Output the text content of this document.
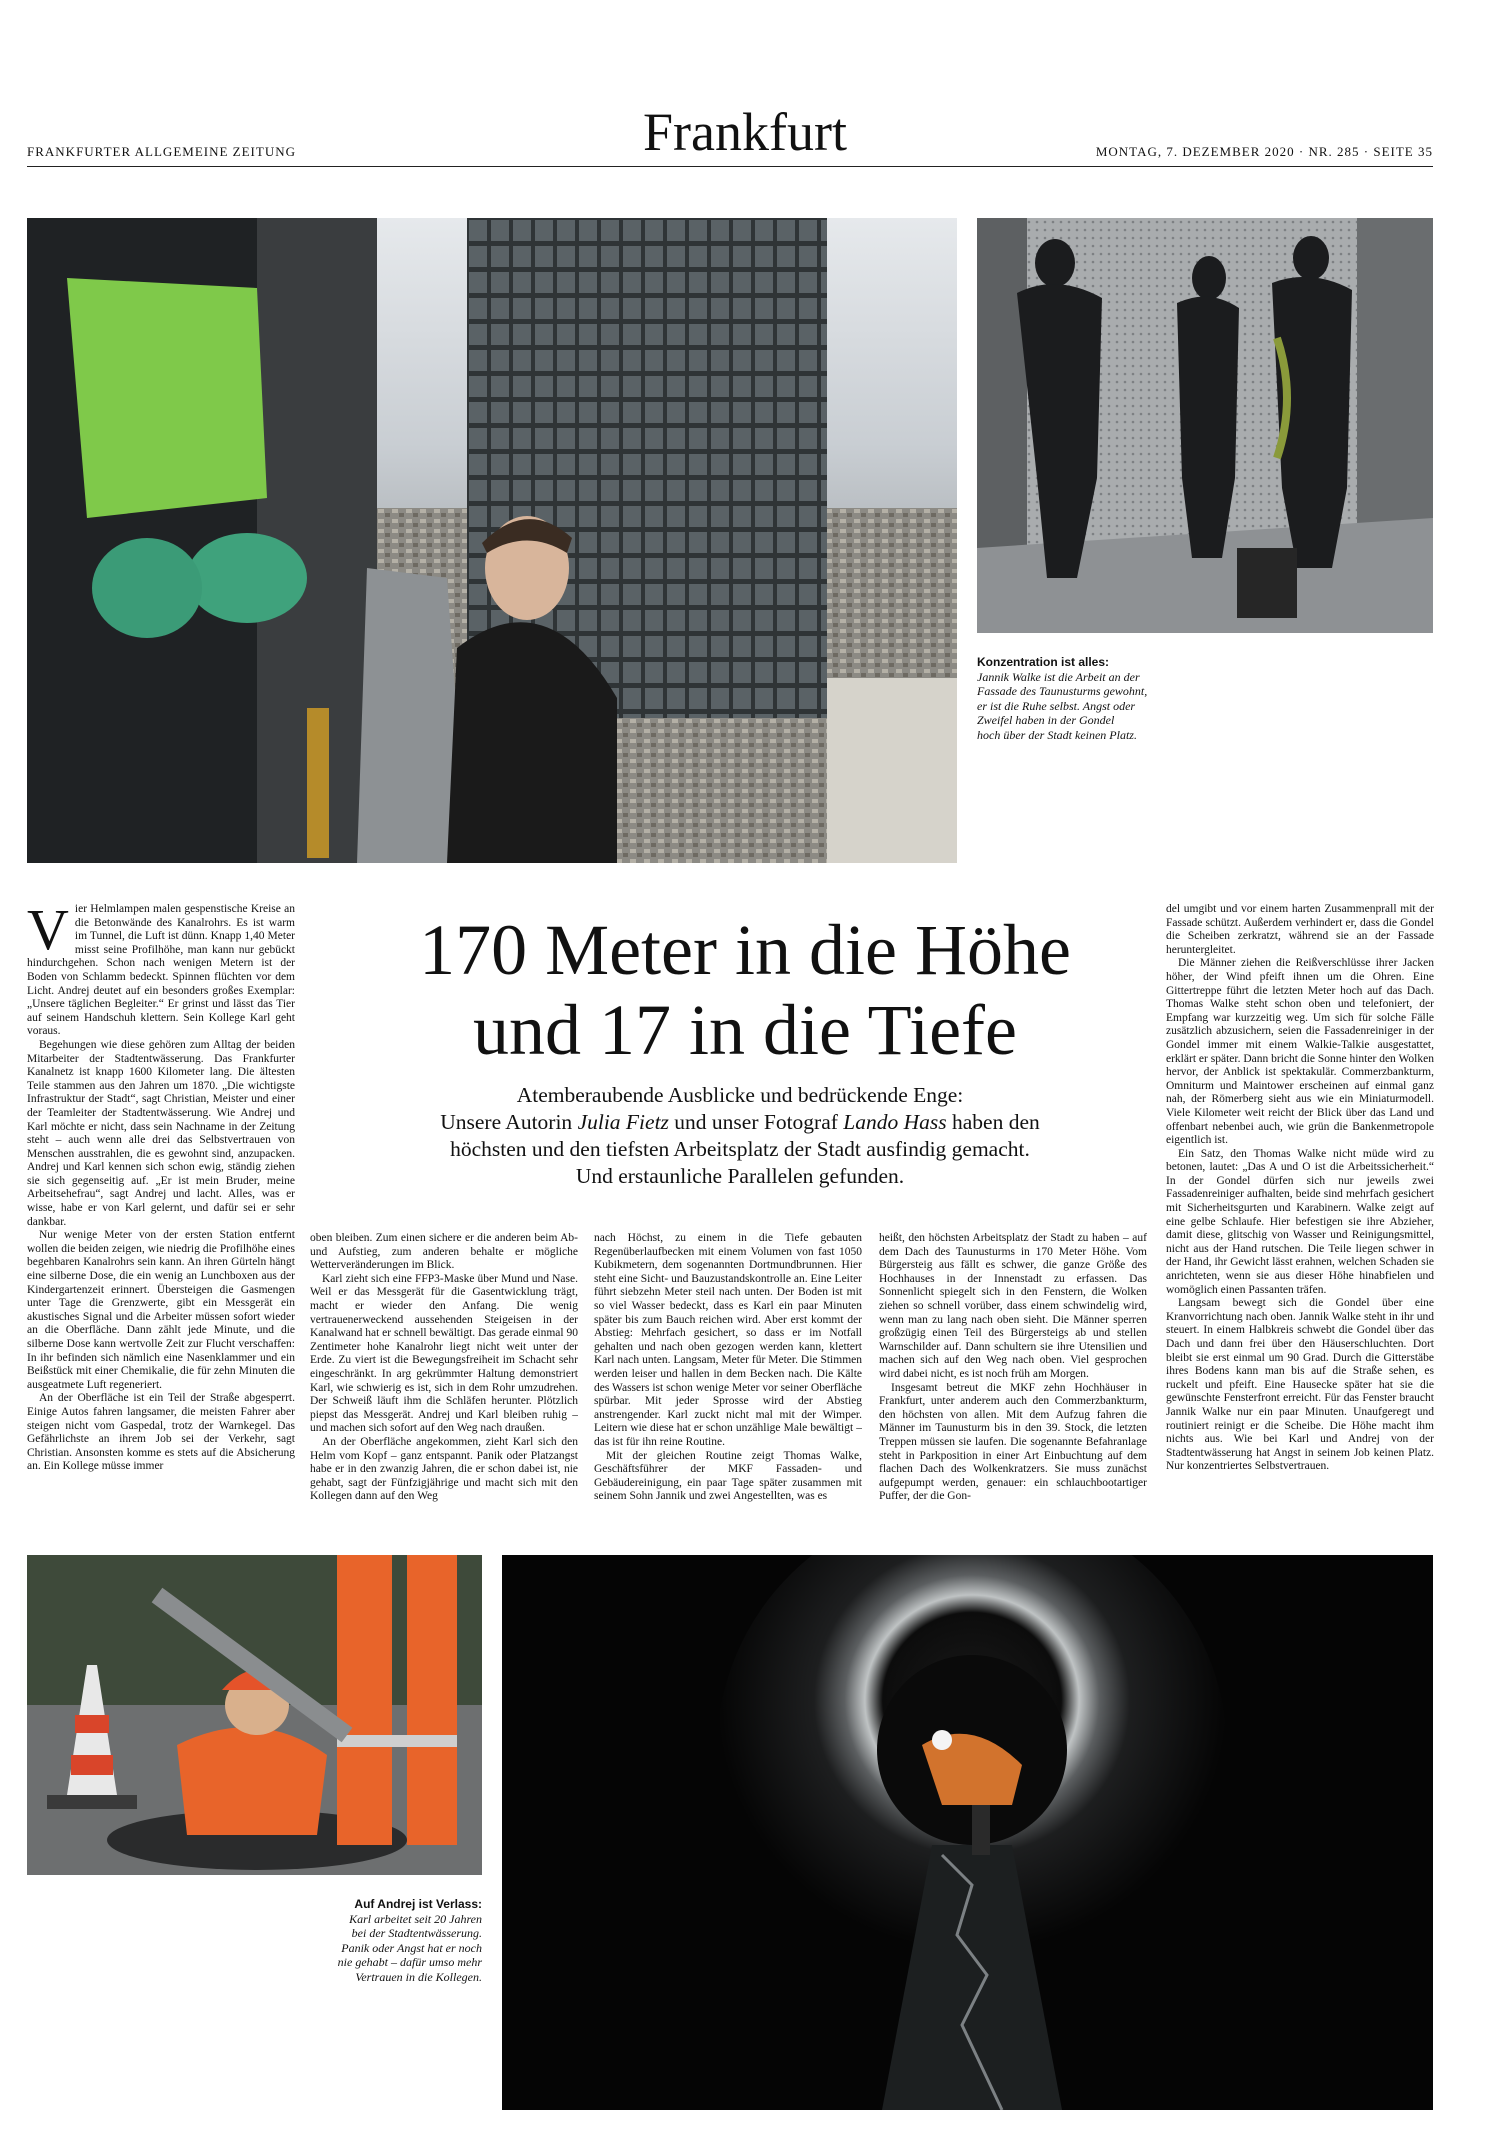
FRANKFURTER ALLGEMEINE ZEITUNG	Frankfurt	MONTAG, 7. DEZEMBER 2020 · NR. 285 · SEITE 35
Konzentration ist alles:
Jannik Walke ist die Arbeit an der
Fassade des Taunusturms gewohnt,
er ist die Ruhe selbst. Angst oder
Zweifel haben in der Gondel
hoch über der Stadt keinen Platz.
170 Meter in die Höhe
und 17 in die Tiefe
Atemberaubende Ausblicke und bedrückende Enge:
Unsere Autorin Julia Fietz und unser Fotograf Lando Hass haben den
höchsten und den tiefsten Arbeitsplatz der Stadt ausfindig gemacht.
Und erstaunliche Parallelen gefunden.

Vier Helmlampen malen gespenstische Kreise an die Betonwände des Kanalrohrs. Es ist warm im Tunnel, die Luft ist dünn. Knapp 1,40 Meter misst seine Profilhöhe, man kann nur gebückt hindurchgehen. Schon nach wenigen Metern ist der Boden von Schlamm bedeckt. Spinnen flüchten vor dem Licht. Andrej deutet auf ein besonders großes Exemplar: „Unsere täglichen Begleiter.“ Er grinst und lässt das Tier auf seinem Handschuh klettern. Sein Kollege Karl geht voraus.

Begehungen wie diese gehören zum Alltag der beiden Mitarbeiter der Stadtentwässerung. Das Frankfurter Kanalnetz ist knapp 1600 Kilometer lang. Die ältesten Teile stammen aus den Jahren um 1870. „Die wichtigste Infrastruktur der Stadt“, sagt Christian, Meister und einer der Teamleiter der Stadtentwässerung. Wie Andrej und Karl möchte er nicht, dass sein Nachname in der Zeitung steht – auch wenn alle drei das Selbstvertrauen von Menschen ausstrahlen, die es gewohnt sind, anzupacken. Andrej und Karl kennen sich schon ewig, ständig ziehen sie sich gegenseitig auf. „Er ist mein Bruder, meine Arbeitsehefrau“, sagt Andrej und lacht. Alles, was er wisse, habe er von Karl gelernt, und dafür sei er sehr dankbar.

Nur wenige Meter von der ersten Station entfernt wollen die beiden zeigen, wie niedrig die Profilhöhe eines begehbaren Kanalrohrs sein kann. An ihren Gürteln hängt eine silberne Dose, die ein wenig an Lunchboxen aus der Kindergartenzeit erinnert. Übersteigen die Gasmengen unter Tage die Grenzwerte, gibt ein Messgerät ein akustisches Signal und die Arbeiter müssen sofort wieder an die Oberfläche. Dann zählt jede Minute, und die silberne Dose kann wertvolle Zeit zur Flucht verschaffen: In ihr befinden sich nämlich eine Nasenklammer und ein Beißstück mit einer Chemikalie, die für zehn Minuten die ausgeatmete Luft regeneriert.

An der Oberfläche ist ein Teil der Straße abgesperrt. Einige Autos fahren langsamer, die meisten Fahrer aber steigen nicht vom Gaspedal, trotz der Warnkegel. Das Gefährlichste an ihrem Job sei der Verkehr, sagt Christian. Ansonsten komme es stets auf die Absicherung an. Ein Kollege müsse immer

oben bleiben. Zum einen sichere er die anderen beim Ab- und Aufstieg, zum anderen behalte er mögliche Wetterveränderungen im Blick.

Karl zieht sich eine FFP3-Maske über Mund und Nase. Weil er das Messgerät für die Gasentwicklung trägt, macht er wieder den Anfang. Die wenig vertrauenerweckend aussehenden Steigeisen in der Kanalwand hat er schnell bewältigt. Das gerade einmal 90 Zentimeter hohe Kanalrohr liegt nicht weit unter der Erde. Zu viert ist die Bewegungsfreiheit im Schacht sehr eingeschränkt. In arg gekrümmter Haltung demonstriert Karl, wie schwierig es ist, sich in dem Rohr umzudrehen. Der Schweiß läuft ihm die Schläfen herunter. Plötzlich piepst das Messgerät. Andrej und Karl bleiben ruhig – und machen sich sofort auf den Weg nach draußen.

An der Oberfläche angekommen, zieht Karl sich den Helm vom Kopf – ganz entspannt. Panik oder Platzangst habe er in den zwanzig Jahren, die er schon dabei ist, nie gehabt, sagt der Fünfzigjährige und macht sich mit den Kollegen dann auf den Weg

nach Höchst, zu einem in die Tiefe gebauten Regenüberlaufbecken mit einem Volumen von fast 1050 Kubikmetern, dem sogenannten Dortmundbrunnen. Hier steht eine Sicht- und Bauzustandskontrolle an. Eine Leiter führt siebzehn Meter steil nach unten. Der Boden ist mit so viel Wasser bedeckt, dass es Karl ein paar Minuten später bis zum Bauch reichen wird. Aber erst kommt der Abstieg: Mehrfach gesichert, so dass er im Notfall gehalten und nach oben gezogen werden kann, klettert Karl nach unten. Langsam, Meter für Meter. Die Stimmen werden leiser und hallen in dem Becken nach. Die Kälte des Wassers ist schon wenige Meter vor seiner Oberfläche spürbar. Mit jeder Sprosse wird der Abstieg anstrengender. Karl zuckt nicht mal mit der Wimper. Leitern wie diese hat er schon unzählige Male bewältigt – das ist für ihn reine Routine.

Mit der gleichen Routine zeigt Thomas Walke, Geschäftsführer der MKF Fassaden- und Gebäudereinigung, ein paar Tage später zusammen mit seinem Sohn Jannik und zwei Angestellten, was es

heißt, den höchsten Arbeitsplatz der Stadt zu haben – auf dem Dach des Taunusturms in 170 Meter Höhe. Vom Bürgersteig aus fällt es schwer, die ganze Größe des Hochhauses in der Innenstadt zu erfassen. Das Sonnenlicht spiegelt sich in den Fenstern, die Wolken ziehen so schnell vorüber, dass einem schwindelig wird, wenn man zu lang nach oben sieht. Die Männer sperren großzügig einen Teil des Bürgersteigs ab und stellen Warnschilder auf. Dann schultern sie ihre Utensilien und machen sich auf den Weg nach oben. Viel gesprochen wird dabei nicht, es ist noch früh am Morgen.

Insgesamt betreut die MKF zehn Hochhäuser in Frankfurt, unter anderem auch den Commerzbankturm, den höchsten von allen. Mit dem Aufzug fahren die Männer im Taunusturm bis in den 39. Stock, die letzten Treppen müssen sie laufen. Die sogenannte Befahranlage steht in Parkposition in einer Art Einbuchtung auf dem flachen Dach des Wolkenkratzers. Sie muss zunächst aufgepumpt werden, genauer: ein schlauchbootartiger Puffer, der die Gon-

del umgibt und vor einem harten Zusammenprall mit der Fassade schützt. Außerdem verhindert er, dass die Gondel die Scheiben zerkratzt, während sie an der Fassade heruntergleitet.

Die Männer ziehen die Reißverschlüsse ihrer Jacken höher, der Wind pfeift ihnen um die Ohren. Eine Gittertreppe führt die letzten Meter hoch auf das Dach. Thomas Walke steht schon oben und telefoniert, der Empfang war kurzzeitig weg. Um sich für solche Fälle zusätzlich abzusichern, seien die Fassadenreiniger in der Gondel immer mit einem Walkie-Talkie ausgestattet, erklärt er später. Dann bricht die Sonne hinter den Wolken hervor, der Anblick ist spektakulär. Commerzbankturm, Omniturm und Maintower erscheinen auf einmal ganz nah, der Römerberg sieht aus wie ein Miniaturmodell. Viele Kilometer weit reicht der Blick über das Land und offenbart nebenbei auch, wie grün die Bankenmetropole eigentlich ist.

Ein Satz, den Thomas Walke nicht müde wird zu betonen, lautet: „Das A und O ist die Arbeitssicherheit.“ In der Gondel dürfen sich nur jeweils zwei Fassadenreiniger aufhalten, beide sind mehrfach gesichert mit Sicherheitsgurten und Karabinern. Walke zeigt auf eine gelbe Schlaufe. Hier befestigen sie ihre Abzieher, damit diese, glitschig von Wasser und Reinigungsmittel, nicht aus der Hand rutschen. Die Teile liegen schwer in der Hand, ihr Gewicht lässt erahnen, welchen Schaden sie anrichteten, wenn sie aus dieser Höhe hinabfielen und womöglich einen Passanten träfen.

Langsam bewegt sich die Gondel über eine Kranvorrichtung nach oben. Jannik Walke steht in ihr und steuert. In einem Halbkreis schwebt die Gondel über das Dach und dann frei über den Häuserschluchten. Dort bleibt sie erst einmal um 90 Grad. Durch die Gitterstäbe ihres Bodens kann man bis auf die Straße sehen, es ruckelt und pfeift. Eine Hausecke später hat sie die gewünschte Fensterfront erreicht. Für das Fenster braucht Jannik Walke nur ein paar Minuten. Unaufgeregt und routiniert reinigt er die Scheibe. Die Höhe macht ihm nichts aus. Wie bei Karl und Andrej von der Stadtentwässerung hat Angst in seinem Job keinen Platz. Nur konzentriertes Selbstvertrauen.

Auf Andrej ist Verlass:
Karl arbeitet seit 20 Jahren
bei der Stadtentwässerung.
Panik oder Angst hat er noch
nie gehabt – dafür umso mehr
Vertrauen in die Kollegen.
